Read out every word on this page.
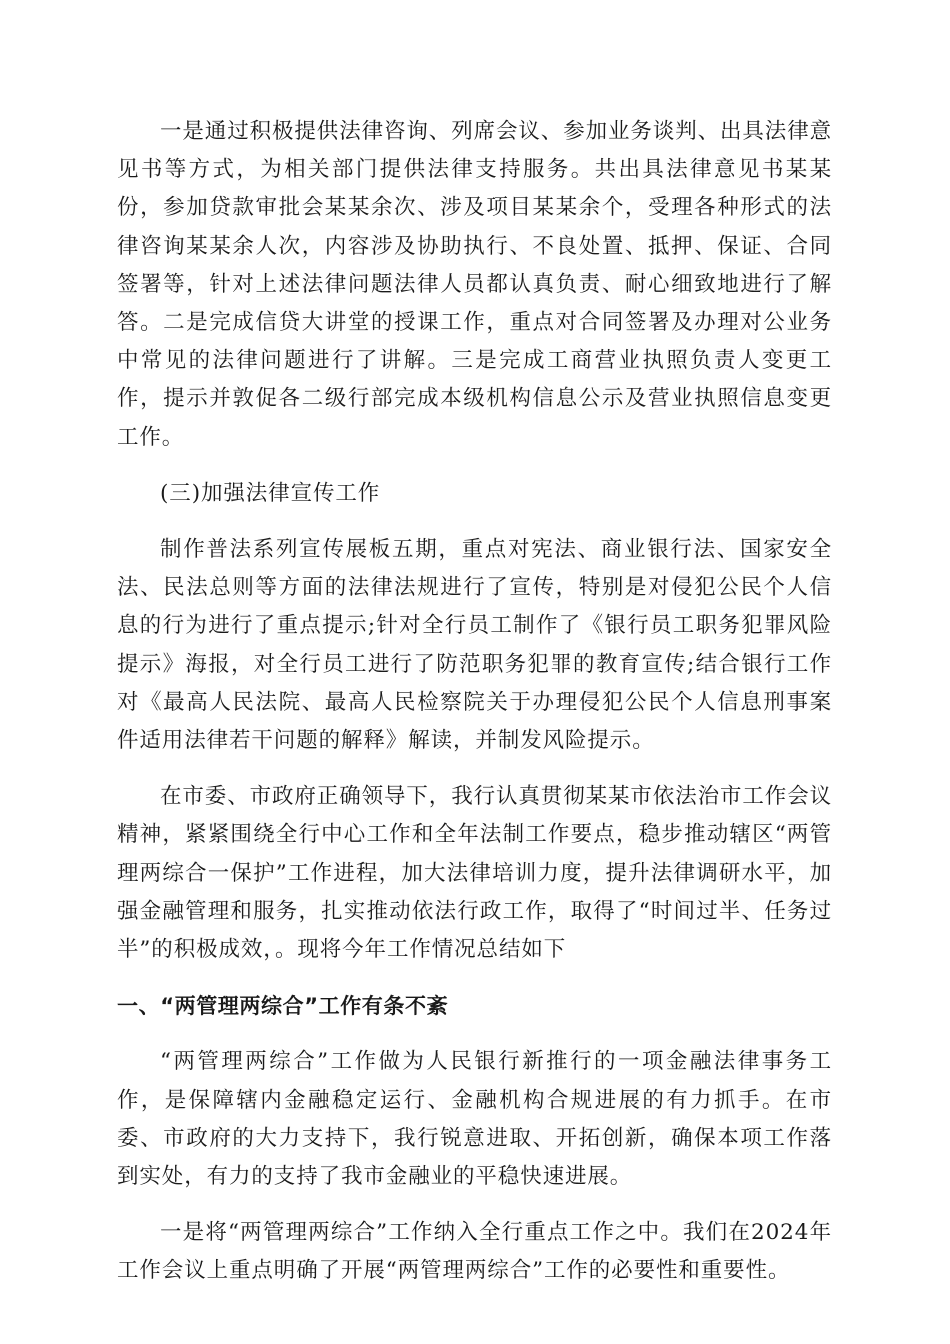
一是通过积极提供法律咨询、列席会议、参加业务谈判、出具法律意见书等方式，为相关部门提供法律支持服务。共出具法律意见书某某份，参加贷款审批会某某余次、涉及项目某某余个，受理各种形式的法律咨询某某余人次，内容涉及协助执行、不良处置、抵押、保证、合同签署等，针对上述法律问题法律人员都认真负责、耐心细致地进行了解答。二是完成信贷大讲堂的授课工作，重点对合同签署及办理对公业务中常见的法律问题进行了讲解。三是完成工商营业执照负责人变更工作，提示并敦促各二级行部完成本级机构信息公示及营业执照信息变更工作。

(三)加强法律宣传工作

制作普法系列宣传展板五期，重点对宪法、商业银行法、国家安全法、民法总则等方面的法律法规进行了宣传，特别是对侵犯公民个人信息的行为进行了重点提示;针对全行员工制作了《银行员工职务犯罪风险提示》海报，对全行员工进行了防范职务犯罪的教育宣传;结合银行工作对《最高人民法院、最高人民检察院关于办理侵犯公民个人信息刑事案件适用法律若干问题的解释》解读，并制发风险提示。

在市委、市政府正确领导下，我行认真贯彻某某市依法治市工作会议精神，紧紧围绕全行中心工作和全年法制工作要点，稳步推动辖区“两管理两综合一保护”工作进程，加大法律培训力度，提升法律调研水平，加强金融管理和服务，扎实推动依法行政工作，取得了“时间过半、任务过半”的积极成效，。现将今年工作情况总结如下

一、“两管理两综合”工作有条不紊

“两管理两综合”工作做为人民银行新推行的一项金融法律事务工作，是保障辖内金融稳定运行、金融机构合规进展的有力抓手。在市委、市政府的大力支持下，我行锐意进取、开拓创新，确保本项工作落到实处，有力的支持了我市金融业的平稳快速进展。

一是将“两管理两综合”工作纳入全行重点工作之中。我们在2024年工作会议上重点明确了开展“两管理两综合”工作的必要性和重要性。
